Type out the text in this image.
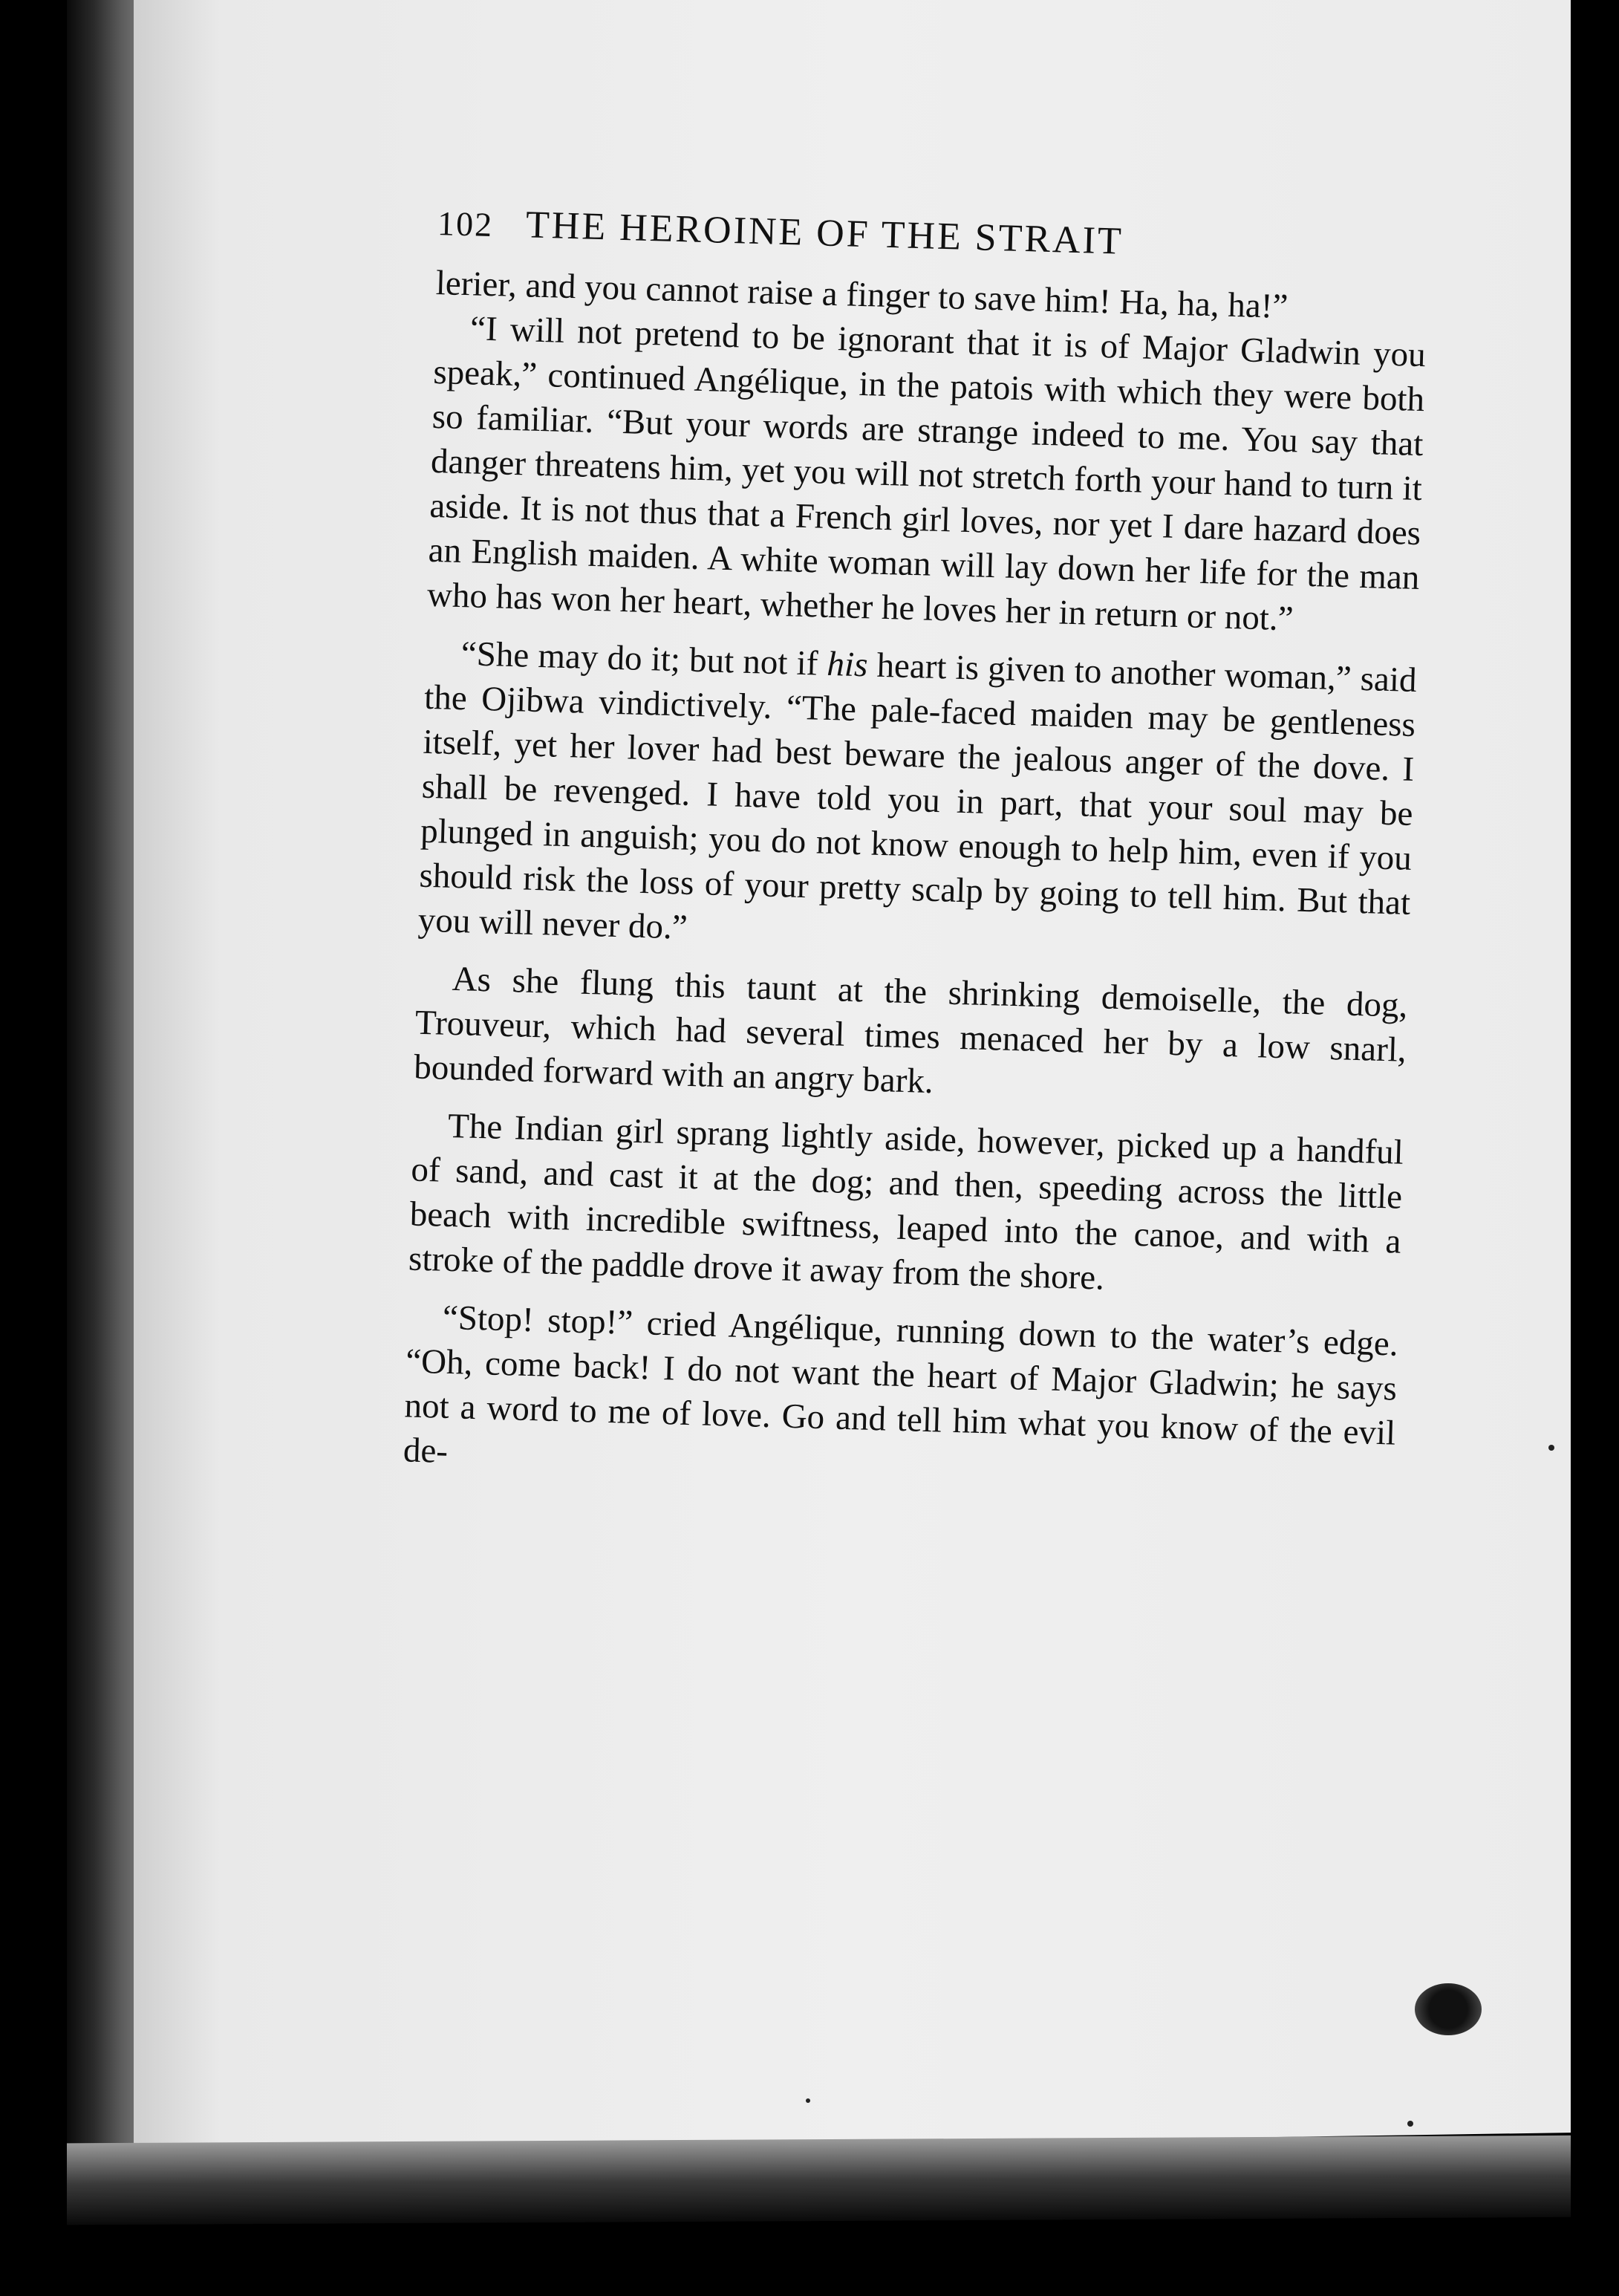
102 THE HEROINE OF THE STRAIT

lerier, and you cannot raise a finger to save him! Ha, ha, ha!”

“I will not pretend to be ignorant that it is of Major Gladwin you speak,” continued Angélique, in the patois with which they were both so familiar. “But your words are strange indeed to me. You say that danger threatens him, yet you will not stretch forth your hand to turn it aside. It is not thus that a French girl loves, nor yet I dare hazard does an English maiden. A white woman will lay down her life for the man who has won her heart, whether he loves her in return or not.”

“She may do it; but not if his heart is given to another woman,” said the Ojibwa vindictively. “The pale-faced maiden may be gentleness itself, yet her lover had best beware the jealous anger of the dove. I shall be revenged. I have told you in part, that your soul may be plunged in anguish; you do not know enough to help him, even if you should risk the loss of your pretty scalp by going to tell him. But that you will never do.”

As she flung this taunt at the shrinking demoiselle, the dog, Trouveur, which had several times menaced her by a low snarl, bounded forward with an angry bark.

The Indian girl sprang lightly aside, however, picked up a handful of sand, and cast it at the dog; and then, speeding across the little beach with incredible swiftness, leaped into the canoe, and with a stroke of the paddle drove it away from the shore.

“Stop! stop!” cried Angélique, running down to the water’s edge. “Oh, come back! I do not want the heart of Major Gladwin; he says not a word to me of love. Go and tell him what you know of the evil de-
